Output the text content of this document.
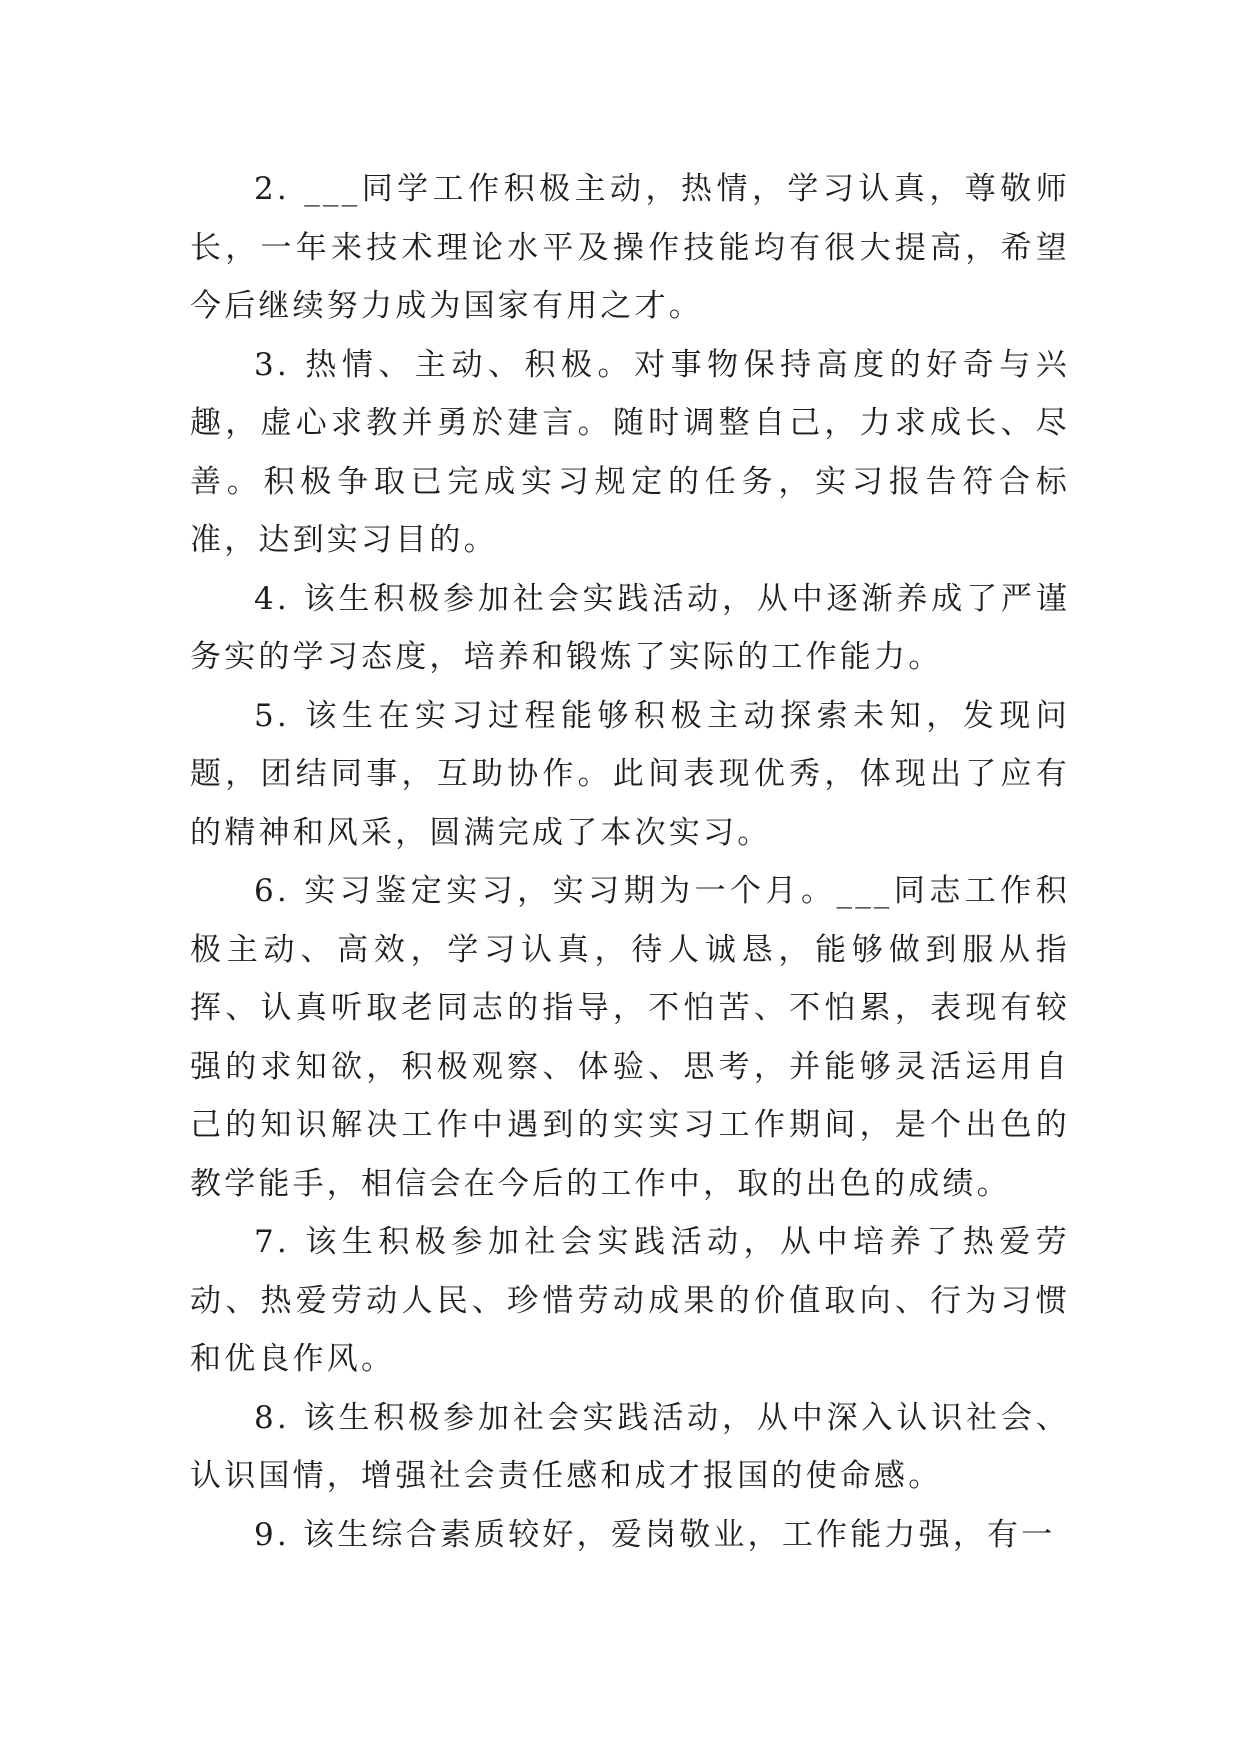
2. ___同学工作积极主动，热情，学习认真，尊敬师长，一年来技术理论水平及操作技能均有很大提高，希望今后继续努力成为国家有用之才。

3. 热情、主动、积极。对事物保持高度的好奇与兴趣，虚心求教并勇於建言。随时调整自己，力求成长、尽善。积极争取已完成实习规定的任务，实习报告符合标准，达到实习目的。

4. 该生积极参加社会实践活动，从中逐渐养成了严谨务实的学习态度，培养和锻炼了实际的工作能力。

5. 该生在实习过程能够积极主动探索未知，发现问题，团结同事，互助协作。此间表现优秀，体现出了应有的精神和风采，圆满完成了本次实习。

6. 实习鉴定实习，实习期为一个月。___同志工作积极主动、高效，学习认真，待人诚恳，能够做到服从指挥、认真听取老同志的指导，不怕苦、不怕累，表现有较强的求知欲，积极观察、体验、思考，并能够灵活运用自己的知识解决工作中遇到的实实习工作期间，是个出色的教学能手，相信会在今后的工作中，取的出色的成绩。

7. 该生积极参加社会实践活动，从中培养了热爱劳动、热爱劳动人民、珍惜劳动成果的价值取向、行为习惯和优良作风。

8. 该生积极参加社会实践活动，从中深入认识社会、认识国情，增强社会责任感和成才报国的使命感。

9. 该生综合素质较好，爱岗敬业，工作能力强，有一
